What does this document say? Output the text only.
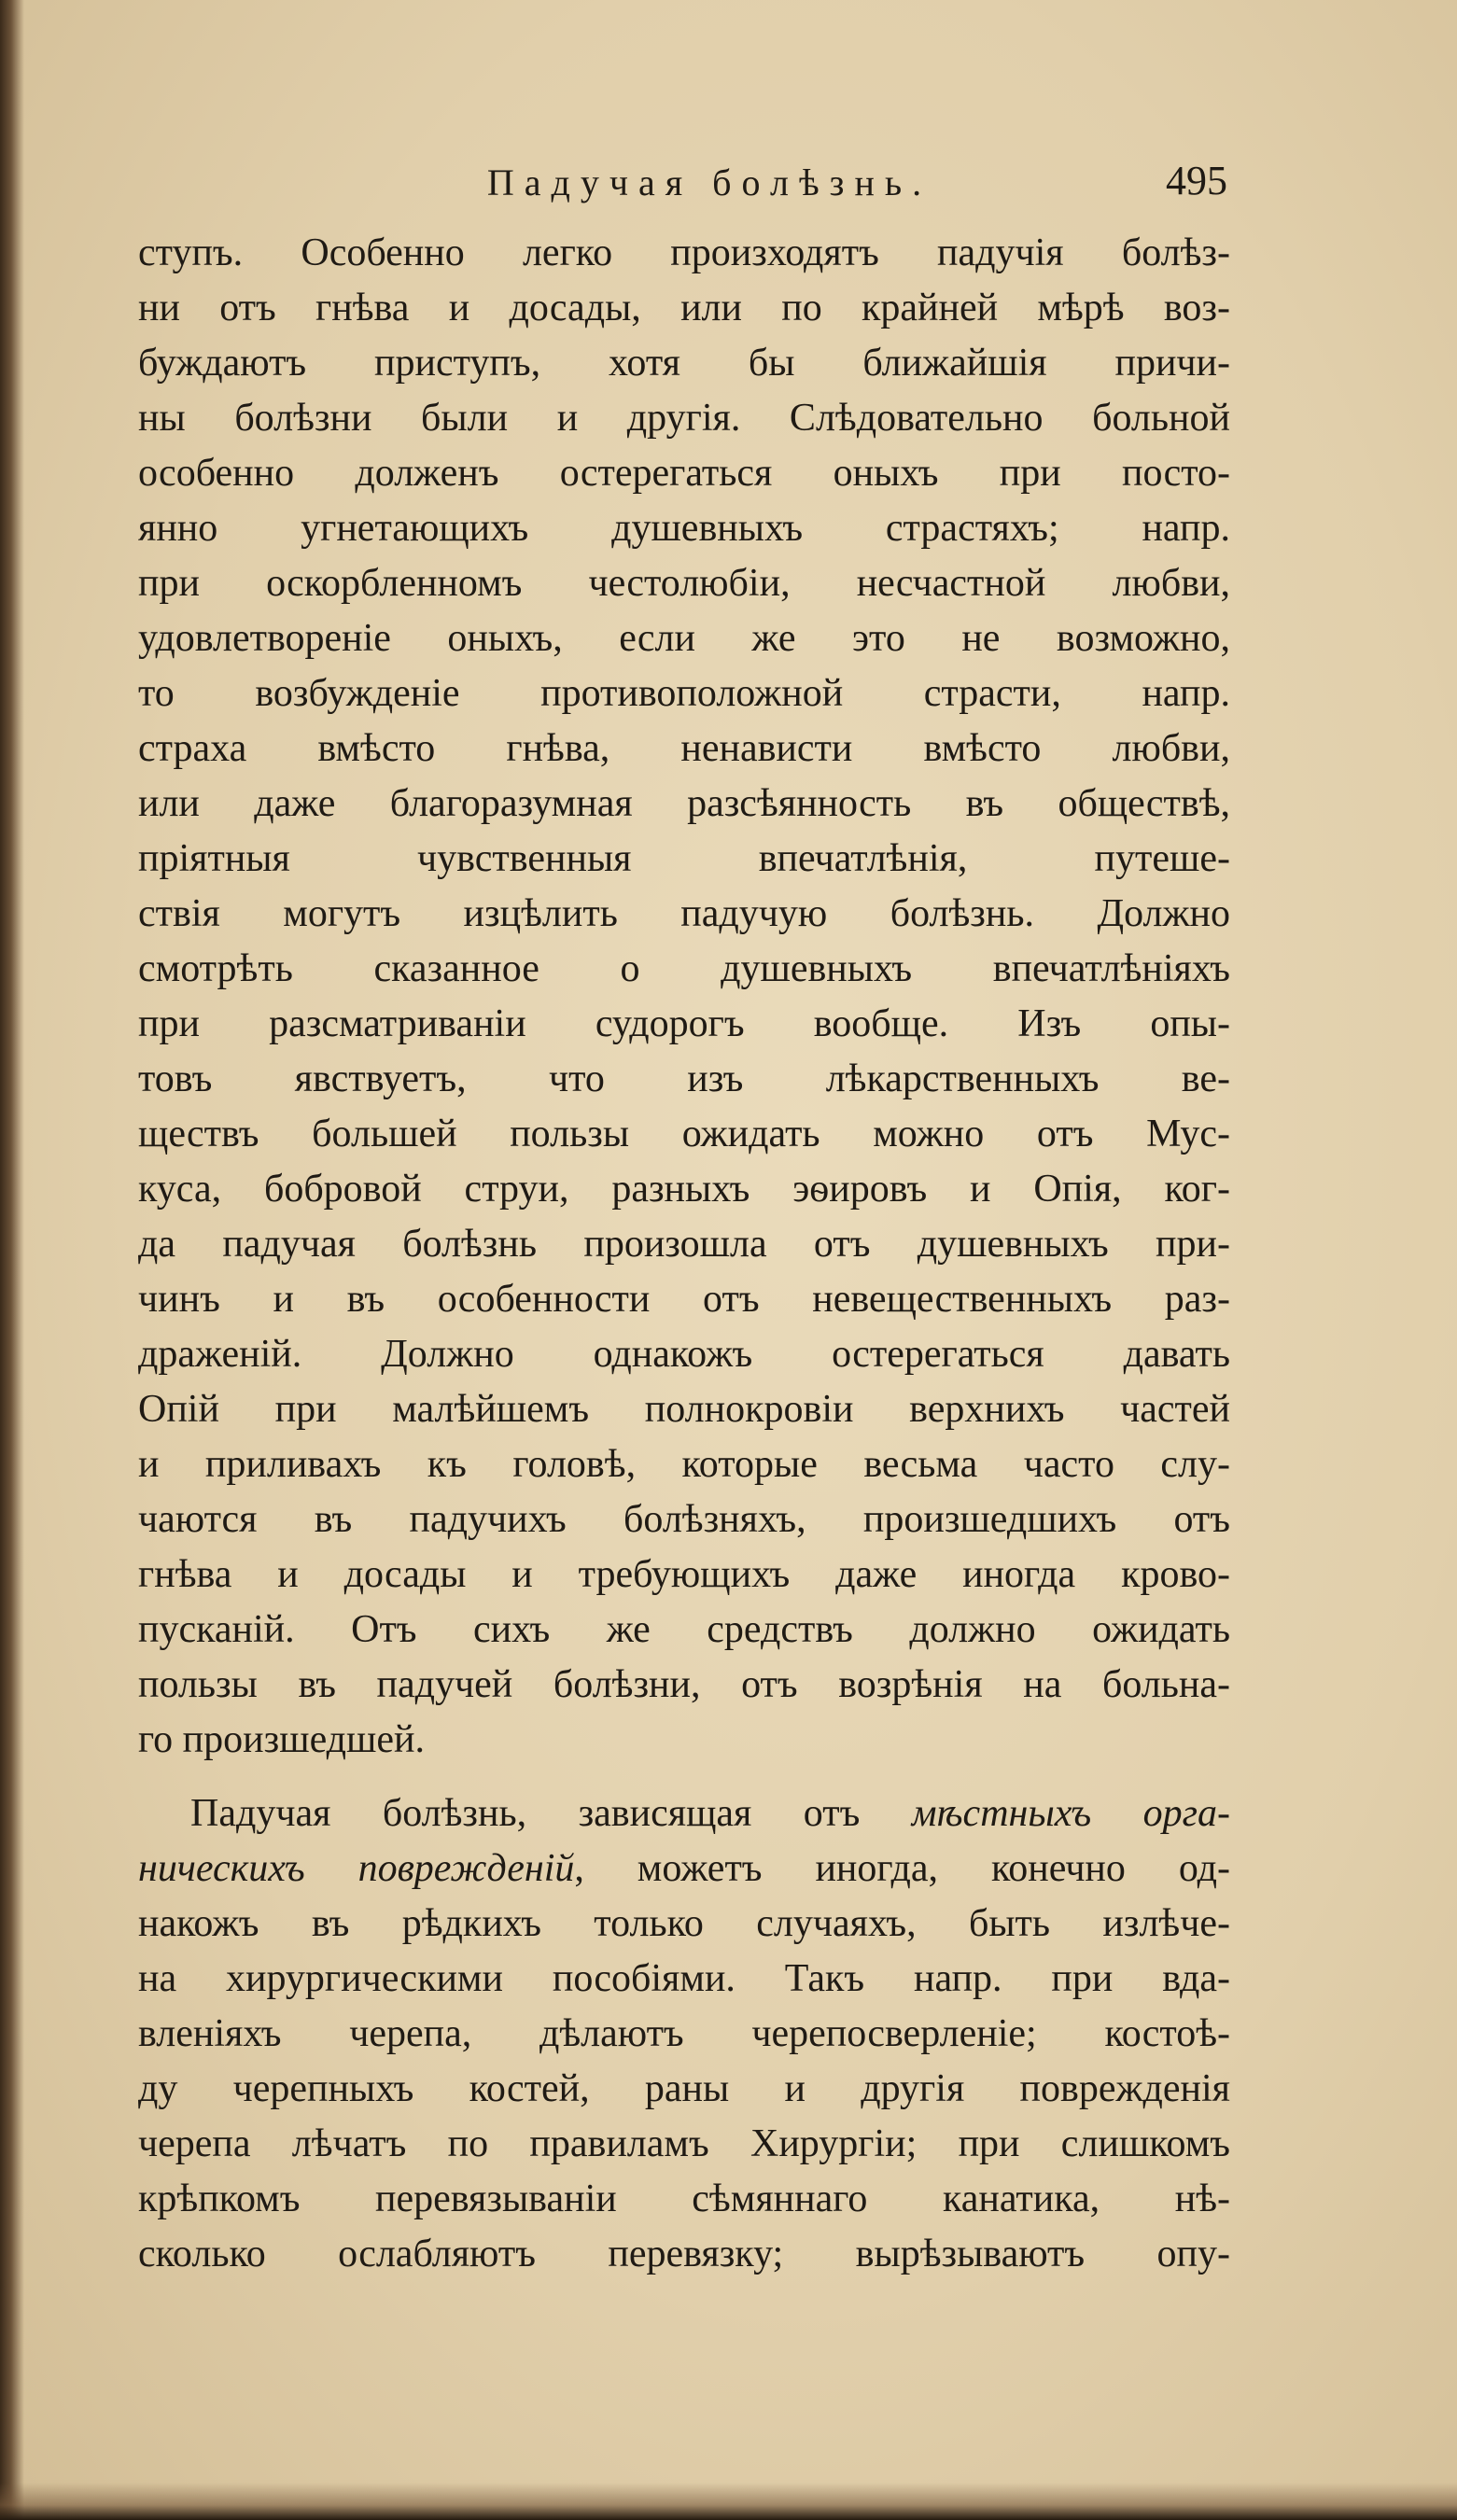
Падучая болѣзнь.	495
ступъ. Особенно легко произходятъ падучія болѣз-
ни отъ гнѣва и досады, или по крайней мѣрѣ воз-
буждаютъ приступъ, хотя бы ближайшія причи-
ны болѣзни были и другія. Слѣдовательно больной
особенно долженъ остерегаться оныхъ при посто-
янно угнетающихъ душевныхъ страстяхъ; напр.
при оскорбленномъ честолюбіи, несчастной любви,
удовлетвореніе оныхъ, если же это не возможно,
то возбужденіе противоположной страсти, напр.
страха вмѣсто гнѣва, ненависти вмѣсто любви,
или даже благоразумная разсѣянность въ обществѣ,
пріятныя чувственныя впечатлѣнія, путеше-
ствія могутъ изцѣлить падучую болѣзнь. Должно
смотрѣть сказанное о душевныхъ впечатлѣніяхъ
при разсматриваніи судорогъ вообще. Изъ опы-
товъ явствуетъ, что изъ лѣкарственныхъ ве-
ществъ большей пользы ожидать можно отъ Мус-
куса, бобровой струи, разныхъ эѳировъ и Опія, ког-
да падучая болѣзнь произошла отъ душевныхъ при-
чинъ и въ особенности отъ невещественныхъ раз-
драженій. Должно однакожъ остерегаться давать
Опій при малѣйшемъ полнокровіи верхнихъ частей
и приливахъ къ головѣ, которые весьма часто слу-
чаются въ падучихъ болѣзняхъ, произшедшихъ отъ
гнѣва и досады и требующихъ даже иногда крово-
пусканій. Отъ сихъ же средствъ должно ожидать
пользы въ падучей болѣзни, отъ возрѣнія на больна-
го произшедшей.
Падучая болѣзнь, зависящая отъ мѣстныхъ орга-
ническихъ поврежденій, можетъ иногда, конечно од-
накожъ въ рѣдкихъ только случаяхъ, быть излѣче-
на хирургическими пособіями. Такъ напр. при вда-
вленіяхъ черепа, дѣлаютъ черепосверленіе; костоѣ-
ду черепныхъ костей, раны и другія поврежденія
черепа лѣчатъ по правиламъ Хирургіи; при слишкомъ
крѣпкомъ перевязываніи сѣмяннаго канатика, нѣ-
сколько ослабляютъ перевязку; вырѣзываютъ опу-
